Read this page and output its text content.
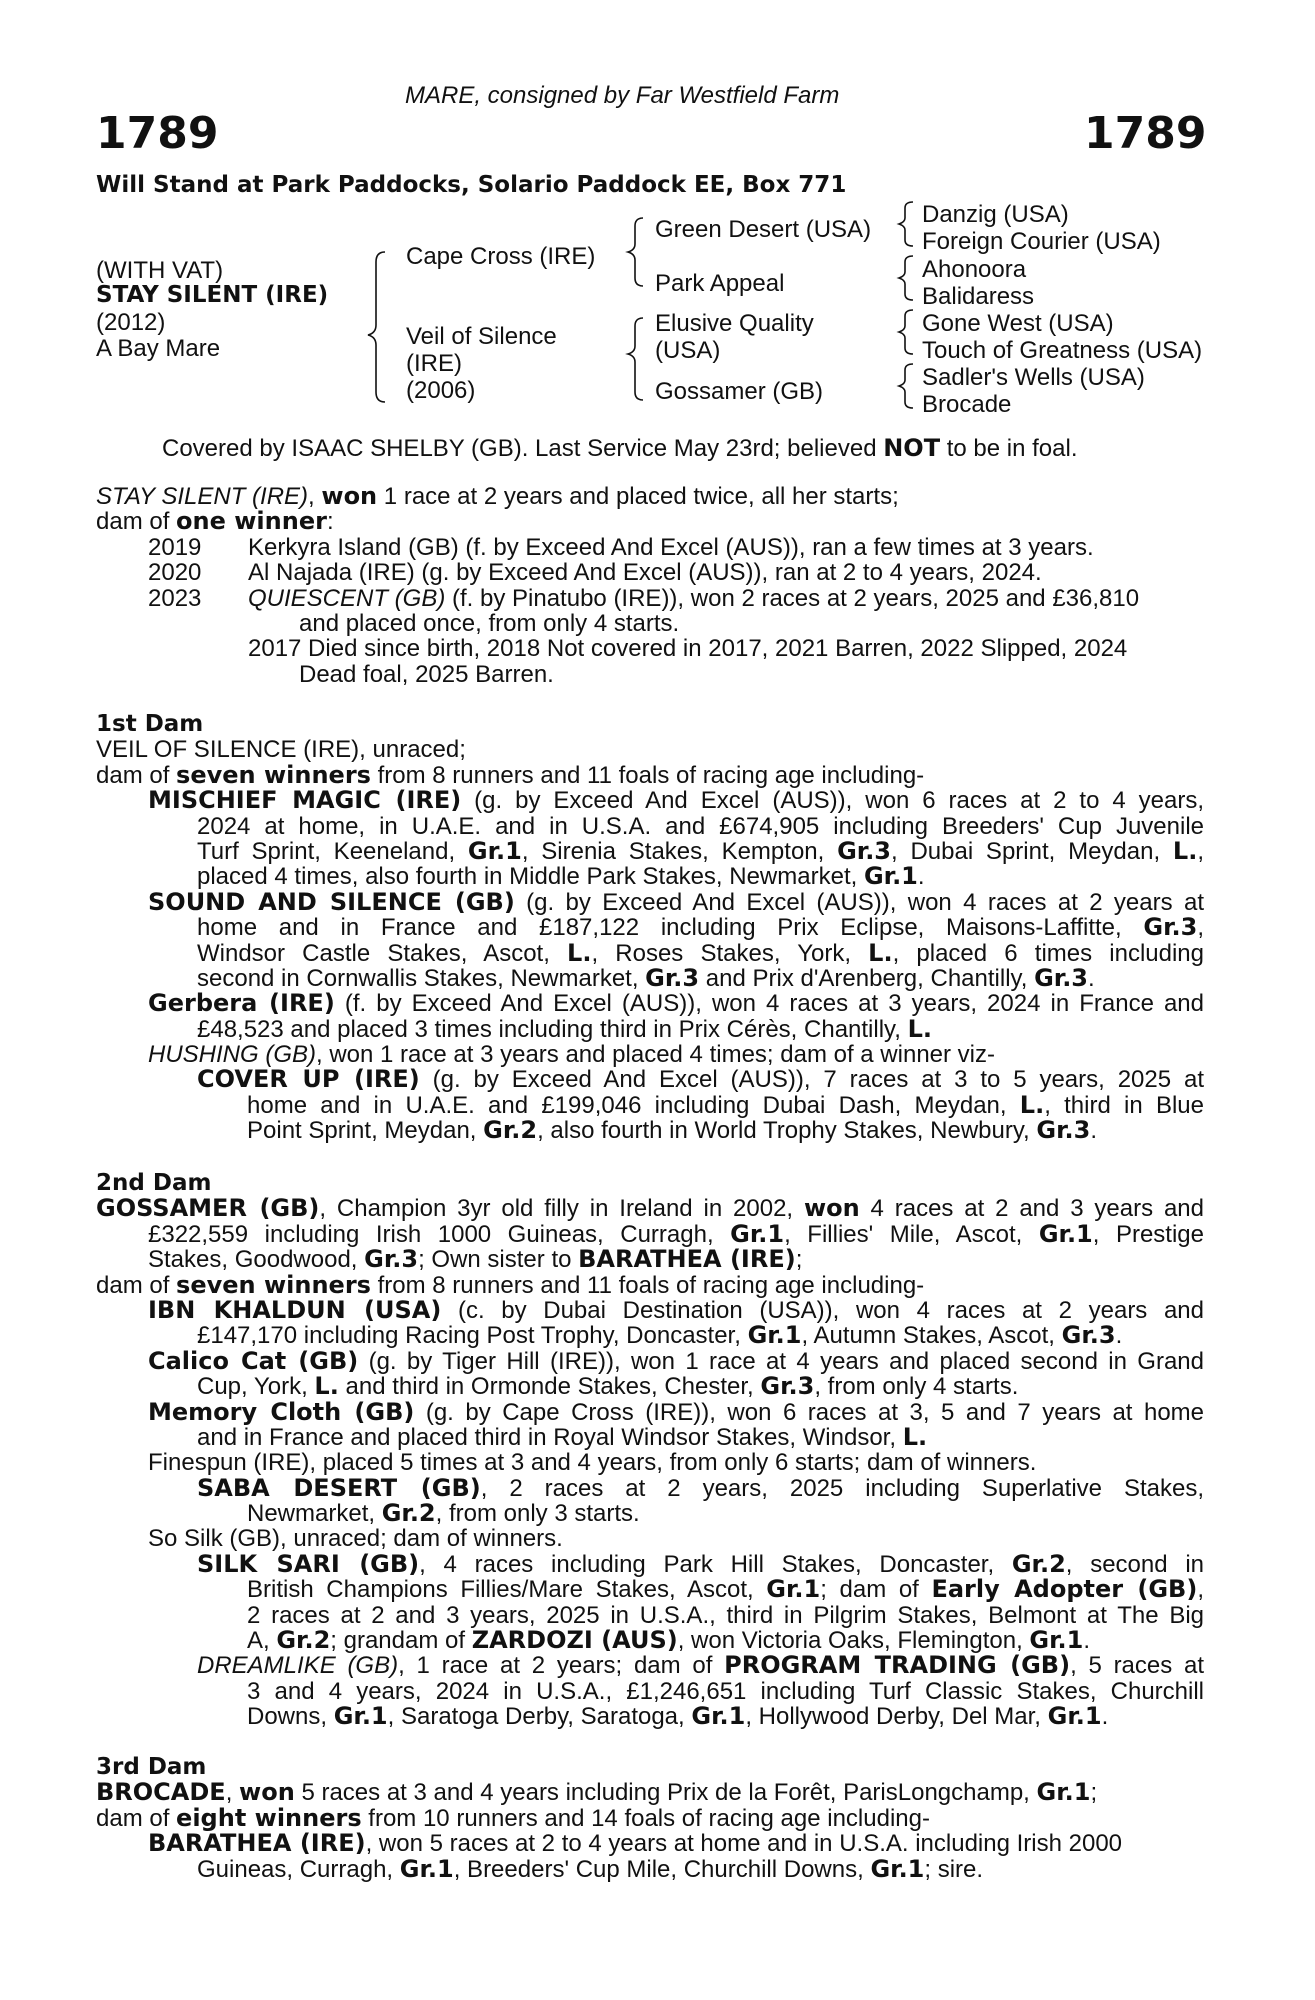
MARE, consigned by Far Westfield Farm
1789	1789
Will Stand at Park Paddocks, Solario Paddock EE, Box 771
(WITH VAT)
STAY SILENT (IRE)
(2012)
A Bay Mare
Cape Cross (IRE)
Veil of Silence
(IRE)
(2006)
Green Desert (USA)
Park Appeal
Elusive Quality
(USA)
Gossamer (GB)
Danzig (USA)
Foreign Courier (USA)
Ahonoora
Balidaress
Gone West (USA)
Touch of Greatness (USA)
Sadler's Wells (USA)
Brocade
Covered by ISAAC SHELBY (GB). Last Service May 23rd; believed NOT to be in foal.
STAY SILENT (IRE), won 1 race at 2 years and placed twice, all her starts;
dam of one winner:
2019 Kerkyra Island (GB) (f. by Exceed And Excel (AUS)), ran a few times at 3 years.
2020 Al Najada (IRE) (g. by Exceed And Excel (AUS)), ran at 2 to 4 years, 2024.
2023 QUIESCENT (GB) (f. by Pinatubo (IRE)), won 2 races at 2 years, 2025 and £36,810
and placed once, from only 4 starts.
2017 Died since birth, 2018 Not covered in 2017, 2021 Barren, 2022 Slipped, 2024
Dead foal, 2025 Barren.
1st Dam
VEIL OF SILENCE (IRE), unraced;
dam of seven winners from 8 runners and 11 foals of racing age including-
MISCHIEF MAGIC (IRE) (g. by Exceed And Excel (AUS)), won 6 races at 2 to 4 years,
2024 at home, in U.A.E. and in U.S.A. and £674,905 including Breeders' Cup Juvenile
Turf Sprint, Keeneland, Gr.1, Sirenia Stakes, Kempton, Gr.3, Dubai Sprint, Meydan, L.,
placed 4 times, also fourth in Middle Park Stakes, Newmarket, Gr.1.
SOUND AND SILENCE (GB) (g. by Exceed And Excel (AUS)), won 4 races at 2 years at
home and in France and £187,122 including Prix Eclipse, Maisons-Laffitte, Gr.3,
Windsor Castle Stakes, Ascot, L., Roses Stakes, York, L., placed 6 times including
second in Cornwallis Stakes, Newmarket, Gr.3 and Prix d'Arenberg, Chantilly, Gr.3.
Gerbera (IRE) (f. by Exceed And Excel (AUS)), won 4 races at 3 years, 2024 in France and
£48,523 and placed 3 times including third in Prix Cérès, Chantilly, L.
HUSHING (GB), won 1 race at 3 years and placed 4 times; dam of a winner viz-
COVER UP (IRE) (g. by Exceed And Excel (AUS)), 7 races at 3 to 5 years, 2025 at
home and in U.A.E. and £199,046 including Dubai Dash, Meydan, L., third in Blue
Point Sprint, Meydan, Gr.2, also fourth in World Trophy Stakes, Newbury, Gr.3.
2nd Dam
GOSSAMER (GB), Champion 3yr old filly in Ireland in 2002, won 4 races at 2 and 3 years and
£322,559 including Irish 1000 Guineas, Curragh, Gr.1, Fillies' Mile, Ascot, Gr.1, Prestige
Stakes, Goodwood, Gr.3; Own sister to BARATHEA (IRE);
dam of seven winners from 8 runners and 11 foals of racing age including-
IBN KHALDUN (USA) (c. by Dubai Destination (USA)), won 4 races at 2 years and
£147,170 including Racing Post Trophy, Doncaster, Gr.1, Autumn Stakes, Ascot, Gr.3.
Calico Cat (GB) (g. by Tiger Hill (IRE)), won 1 race at 4 years and placed second in Grand
Cup, York, L. and third in Ormonde Stakes, Chester, Gr.3, from only 4 starts.
Memory Cloth (GB) (g. by Cape Cross (IRE)), won 6 races at 3, 5 and 7 years at home
and in France and placed third in Royal Windsor Stakes, Windsor, L.
Finespun (IRE), placed 5 times at 3 and 4 years, from only 6 starts; dam of winners.
SABA DESERT (GB), 2 races at 2 years, 2025 including Superlative Stakes,
Newmarket, Gr.2, from only 3 starts.
So Silk (GB), unraced; dam of winners.
SILK SARI (GB), 4 races including Park Hill Stakes, Doncaster, Gr.2, second in
British Champions Fillies/Mare Stakes, Ascot, Gr.1; dam of Early Adopter (GB),
2 races at 2 and 3 years, 2025 in U.S.A., third in Pilgrim Stakes, Belmont at The Big
A, Gr.2; grandam of ZARDOZI (AUS), won Victoria Oaks, Flemington, Gr.1.
DREAMLIKE (GB), 1 race at 2 years; dam of PROGRAM TRADING (GB), 5 races at
3 and 4 years, 2024 in U.S.A., £1,246,651 including Turf Classic Stakes, Churchill
Downs, Gr.1, Saratoga Derby, Saratoga, Gr.1, Hollywood Derby, Del Mar, Gr.1.
3rd Dam
BROCADE, won 5 races at 3 and 4 years including Prix de la Forêt, ParisLongchamp, Gr.1;
dam of eight winners from 10 runners and 14 foals of racing age including-
BARATHEA (IRE), won 5 races at 2 to 4 years at home and in U.S.A. including Irish 2000
Guineas, Curragh, Gr.1, Breeders' Cup Mile, Churchill Downs, Gr.1; sire.
